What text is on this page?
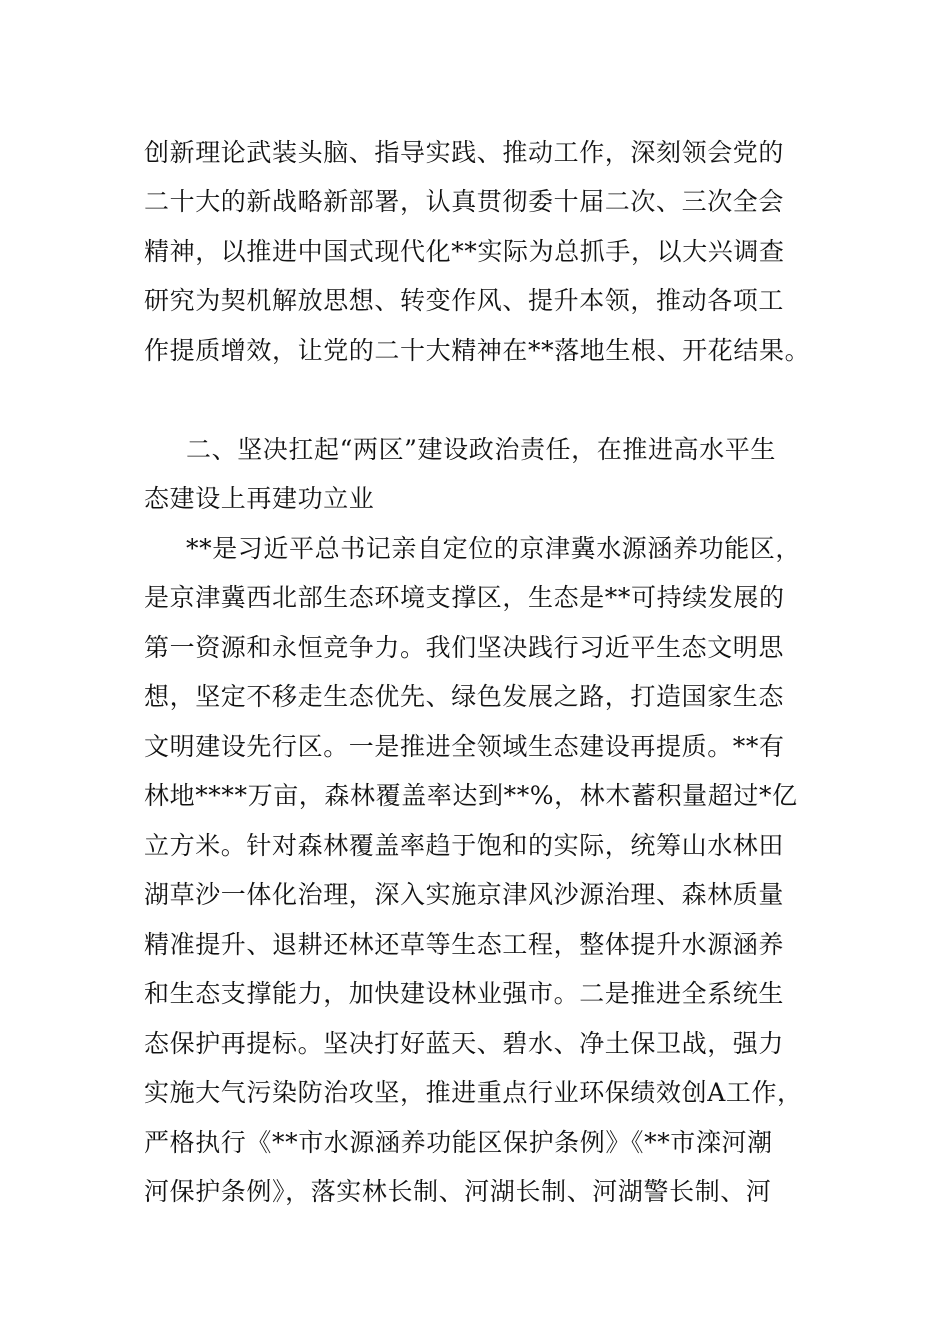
创新理论武装头脑、指导实践、推动工作，深刻领会党的

二十大的新战略新部署，认真贯彻委十届二次、三次全会

精神，以推进中国式现代化**实际为总抓手，以大兴调查

研究为契机解放思想、转变作风、提升本领，推动各项工

作提质增效，让党的二十大精神在**落地生根、开花结果。

二、坚决扛起“两区”建设政治责任，在推进高水平生

态建设上再建功立业

**是习近平总书记亲自定位的京津冀水源涵养功能区，

是京津冀西北部生态环境支撑区，生态是**可持续发展的

第一资源和永恒竞争力。我们坚决践行习近平生态文明思

想，坚定不移走生态优先、绿色发展之路，打造国家生态

文明建设先行区。一是推进全领域生态建设再提质。**有

林地****万亩，森林覆盖率达到**%，林木蓄积量超过*亿

立方米。针对森林覆盖率趋于饱和的实际，统筹山水林田

湖草沙一体化治理，深入实施京津风沙源治理、森林质量

精准提升、退耕还林还草等生态工程，整体提升水源涵养

和生态支撑能力，加快建设林业强市。二是推进全系统生

态保护再提标。坚决打好蓝天、碧水、净土保卫战，强力

实施大气污染防治攻坚，推进重点行业环保绩效创A工作，

严格执行《**市水源涵养功能区保护条例》《**市滦河潮

河保护条例》，落实林长制、河湖长制、河湖警长制、河
